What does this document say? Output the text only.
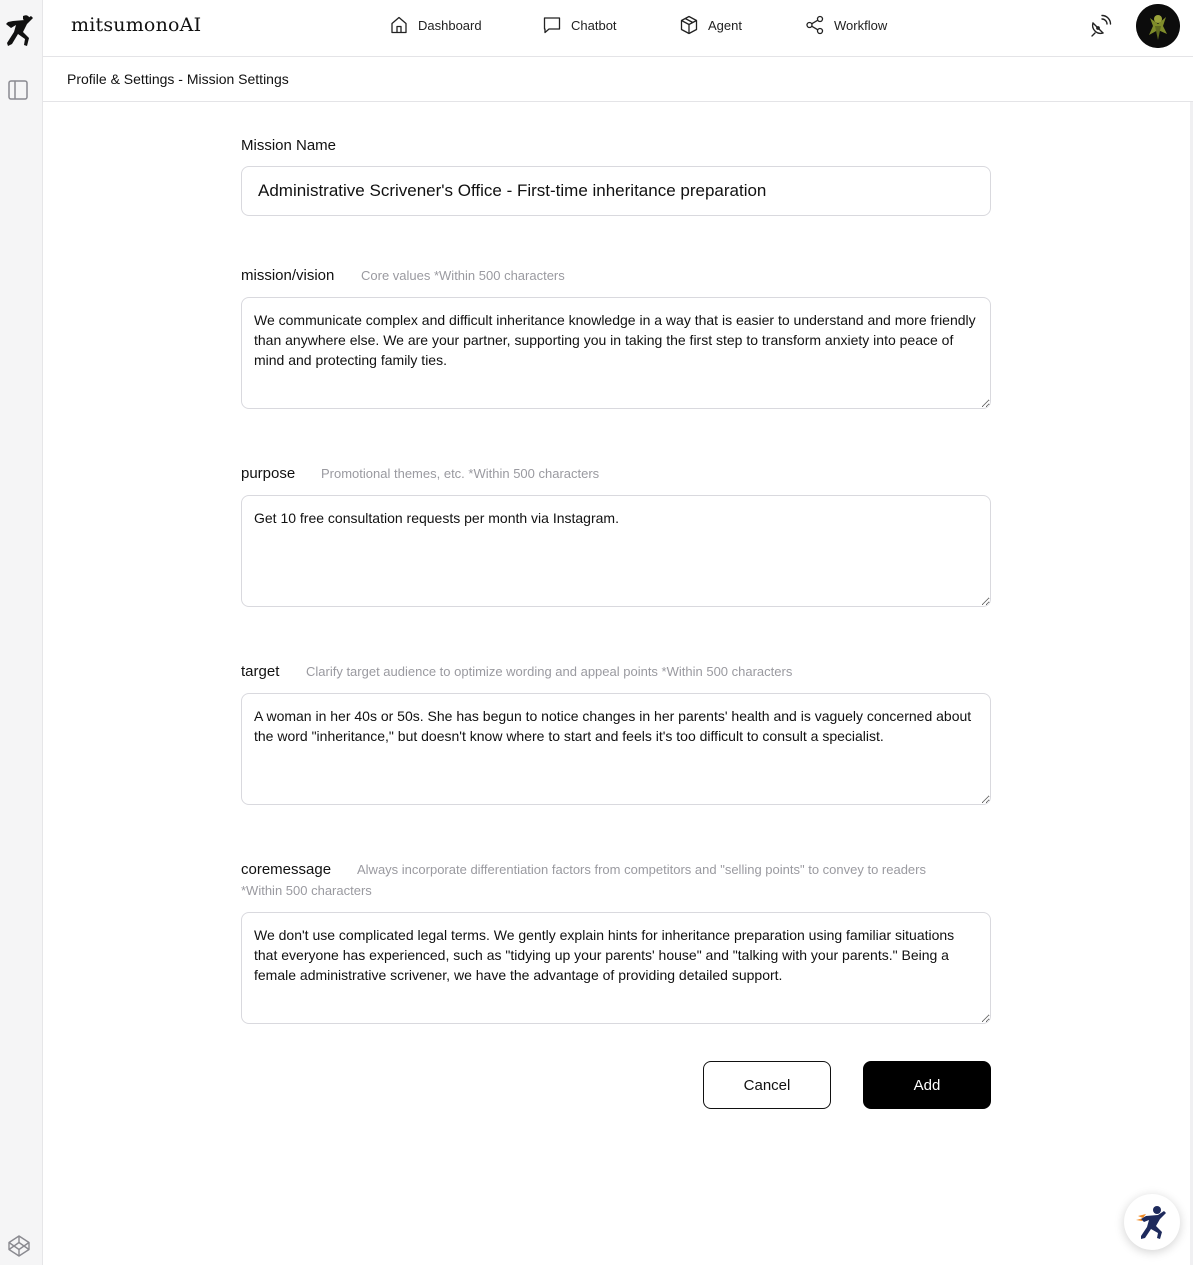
mitsumonoAI	Dashboard	Chatbot	Agent	Workflow
Profile & Settings - Mission Settings
Mission Name
Administrative Scrivener's Office - First-time inheritance preparation
mission/vision Core values *Within 500 characters
We communicate complex and difficult inheritance knowledge in a way that is easier to understand and more friendly than anywhere else. We are your partner, supporting you in taking the first step to transform anxiety into peace of mind and protecting family ties.
purpose Promotional themes, etc. *Within 500 characters
Get 10 free consultation requests per month via Instagram.
target Clarify target audience to optimize wording and appeal points *Within 500 characters
A woman in her 40s or 50s. She has begun to notice changes in her parents' health and is vaguely concerned about the word "inheritance," but doesn't know where to start and feels it's too difficult to consult a specialist.
coremessage Always incorporate differentiation factors from competitors and "selling points" to convey to readers
*Within 500 characters
We don't use complicated legal terms. We gently explain hints for inheritance preparation using familiar situations that everyone has experienced, such as "tidying up your parents' house" and "talking with your parents." Being a female administrative scrivener, we have the advantage of providing detailed support.
Cancel	Add
